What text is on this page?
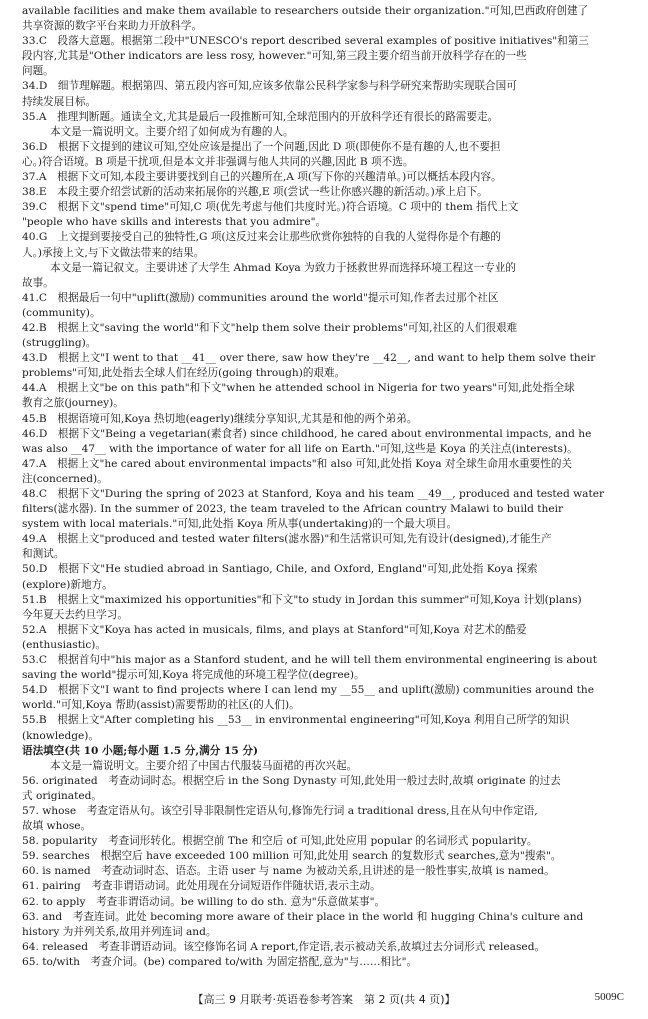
available facilities and make them available to researchers outside their organization."可知,巴西政府创建了
共享资源的数字平台来助力开放科学。
33.C　段落大意题。根据第二段中"UNESCO's report described several examples of positive initiatives"和第三
段内容,尤其是"Other indicators are less rosy, however."可知,第三段主要介绍当前开放科学存在的一些
问题。
34.D　细节理解题。根据第四、第五段内容可知,应该多依靠公民科学家参与科学研究来帮助实现联合国可
持续发展目标。
35.A　推理判断题。通读全文,尤其是最后一段推断可知,全球范围内的开放科学还有很长的路需要走。
本文是一篇说明文。主要介绍了如何成为有趣的人。
36.D　根据下文提到的建议可知,空处应该是提出了一个问题,因此 D 项(即使你不是有趣的人,也不要担
心。)符合语境。B 项是干扰项,但是本文并非强调与他人共同的兴趣,因此 B 项不选。
37.A　根据下文可知,本段主要讲要找到自己的兴趣所在,A 项(写下你的兴趣清单。)可以概括本段内容。
38.E　本段主要介绍尝试新的活动来拓展你的兴趣,E 项(尝试一些让你感兴趣的新活动。)承上启下。
39.C　根据下文"spend time"可知,C 项(优先考虑与他们共度时光。)符合语境。C 项中的 them 指代上文
"people who have skills and interests that you admire"。
40.G　上文提到要接受自己的独特性,G 项(这反过来会让那些欣赏你独特的自我的人觉得你是个有趣的
人。)承接上文,与下文做法带来的结果。
本文是一篇记叙文。主要讲述了大学生 Ahmad Koya 为致力于拯救世界而选择环境工程这一专业的
故事。
41.C　根据最后一句中"uplift(激励) communities around the world"提示可知,作者去过那个社区
(community)。
42.B　根据上文"saving the world"和下文"help them solve their problems"可知,社区的人们很艰难
(struggling)。
43.D　根据上文"I went to that __41__ over there, saw how they're __42__, and want to help them solve their
problems"可知,此处指去全球人们在经历(going through)的艰难。
44.A　根据上文"be on this path"和下文"when he attended school in Nigeria for two years"可知,此处指全球
教育之旅(journey)。
45.B　根据语境可知,Koya 热切地(eagerly)继续分享知识,尤其是和他的两个弟弟。
46.D　根据下文"Being a vegetarian(素食者) since childhood, he cared about environmental impacts, and he
was also __47__ with the importance of water for all life on Earth."可知,这些是 Koya 的关注点(interests)。
47.A　根据上文"he cared about environmental impacts"和 also 可知,此处指 Koya 对全球生命用水重要性的关
注(concerned)。
48.C　根据下文"During the spring of 2023 at Stanford, Koya and his team __49__, produced and tested water
filters(滤水器). In the summer of 2023, the team traveled to the African country Malawi to build their
system with local materials."可知,此处指 Koya 所从事(undertaking)的一个最大项目。
49.A　根据上文"produced and tested water filters(滤水器)"和生活常识可知,先有设计(designed),才能生产
和测试。
50.D　根据下文"He studied abroad in Santiago, Chile, and Oxford, England"可知,此处指 Koya 探索
(explore)新地方。
51.B　根据上文"maximized his opportunities"和下文"to study in Jordan this summer"可知,Koya 计划(plans)
今年夏天去约旦学习。
52.A　根据下文"Koya has acted in musicals, films, and plays at Stanford"可知,Koya 对艺术的酷爱
(enthusiastic)。
53.C　根据首句中"his major as a Stanford student, and he will tell them environmental engineering is about
saving the world"提示可知,Koya 将完成他的环境工程学位(degree)。
54.D　根据下文"I want to find projects where I can lend my __55__ and uplift(激励) communities around the
world."可知,Koya 帮助(assist)需要帮助的社区(的人们)。
55.B　根据上文"After completing his __53__ in environmental engineering"可知,Koya 利用自己所学的知识
(knowledge)。
语法填空(共 10 小题;每小题 1.5 分,满分 15 分)
本文是一篇说明文。主要介绍了中国古代服装马面裙的再次兴起。
56. originated　考查动词时态。根据空后 in the Song Dynasty 可知,此处用一般过去时,故填 originate 的过去
式 originated。
57. whose　考查定语从句。该空引导非限制性定语从句,修饰先行词 a traditional dress,且在从句中作定语,
故填 whose。
58. popularity　考查词形转化。根据空前 The 和空后 of 可知,此处应用 popular 的名词形式 popularity。
59. searches　根据空后 have exceeded 100 million 可知,此处用 search 的复数形式 searches,意为"搜索"。
60. is named　考查动词时态、语态。主语 user 与 name 为被动关系,且讲述的是一般性事实,故填 is named。
61. pairing　考查非谓语动词。此处用现在分词短语作伴随状语,表示主动。
62. to apply　考查非谓语动词。be willing to do sth. 意为"乐意做某事"。
63. and　考查连词。此处 becoming more aware of their place in the world 和 hugging China's culture and
history 为并列关系,故用并列连词 and。
64. released　考查非谓语动词。该空修饰名词 A report,作定语,表示被动关系,故填过去分词形式 released。
65. to/with　考查介词。(be) compared to/with 为固定搭配,意为"与……相比"。
【高三 9 月联考·英语卷参考答案　第 2 页(共 4 页)】	5009C
